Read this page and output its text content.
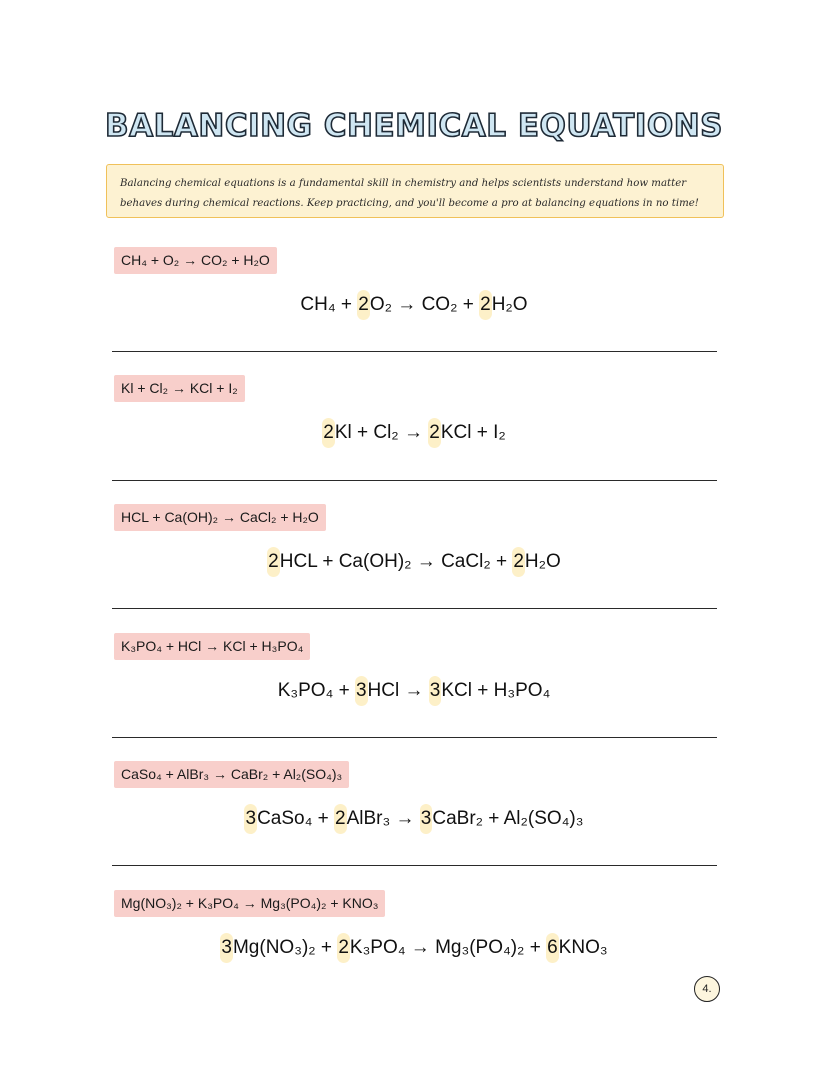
BALANCING CHEMICAL EQUATIONS
Balancing chemical equations is a fundamental skill in chemistry and helps scientists understand how matter behaves during chemical reactions. Keep practicing, and you'll become a pro at balancing equations in no time!
CH₄ + O₂ → CO₂ + H₂O
CH₄ + 2O₂ → CO₂ + 2H₂O
Kl + Cl₂ → KCl + I₂
2Kl + Cl₂ → 2KCl + I₂
HCL + Ca(OH)₂ → CaCl₂ + H₂O
2HCL + Ca(OH)₂ → CaCl₂ + 2H₂O
K₃PO₄ + HCl → KCl + H₃PO₄
K₃PO₄ + 3HCl → 3KCl + H₃PO₄
CaSo₄ + AlBr₃ → CaBr₂ + Al₂(SO₄)₃
3CaSo₄ + 2AlBr₃ → 3CaBr₂ + Al₂(SO₄)₃
Mg(NO₃)₂ + K₃PO₄ → Mg₃(PO₄)₂ + KNO₃
3Mg(NO₃)₂ + 2K₃PO₄ → Mg₃(PO₄)₂ + 6KNO₃
4.
